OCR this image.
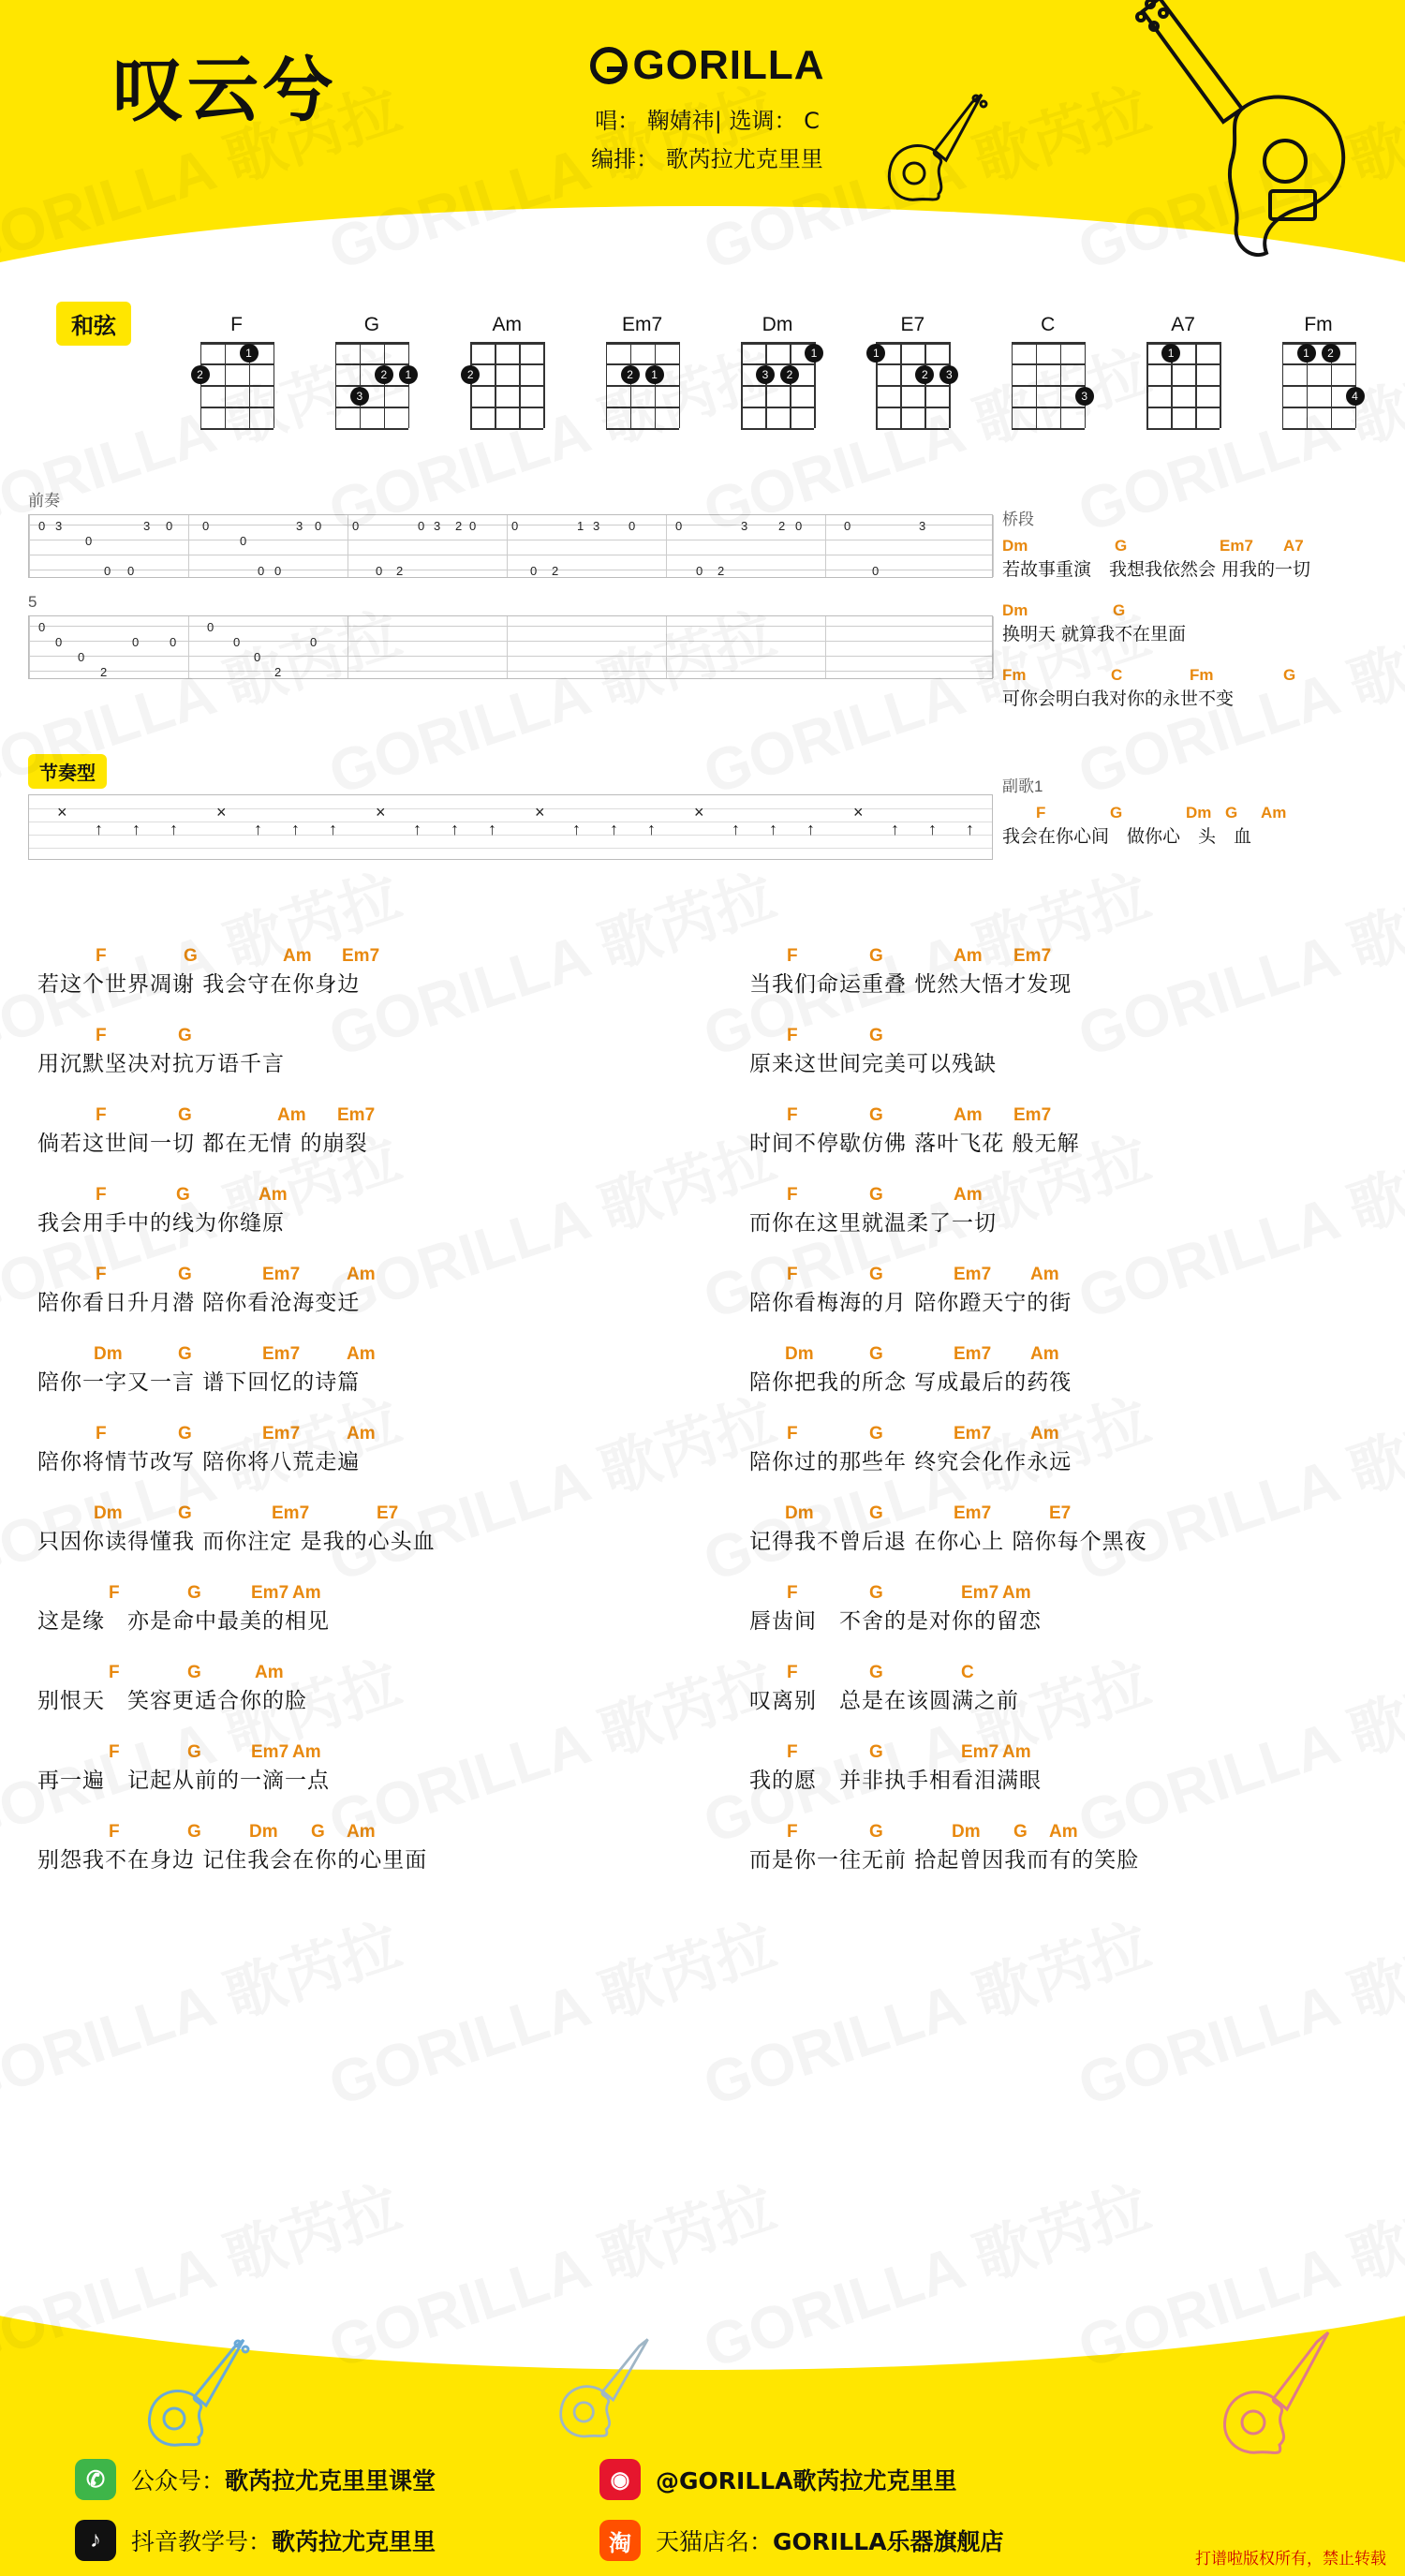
叹云兮	GORILLA
唱： 鞠婧祎| 选调： C
编排： 歌芮拉尤克里里
和弦	F
1
2
G
1
2
3
Am
2
Em7
1
2
Dm
1
2
3
E7
1
2	3
C
3
A7
1
Fm
1	2
4
前奏
0 3
0
0 0
3 0 0
0
0 0
3 0	0
0 2
0 3 2 0	0
0 2
1 3 0	0
0 2
3	2 0	0
0
3
5
0
0
0
2
0	0
0
0
0
2
0
节奏型
×
↑ ↑ ↑
×
↑ ↑ ↑
×
↑ ↑ ↑
×
↑ ↑ ↑
×
↑ ↑ ↑
×
↑ ↑ ↑
桥段
Dm	G	Em7 A7
若故事重演　我想我依然会 用我的一切
Dm	G
换明天 就算我不在里面
Fm	C	Fm	G
可你会明白我对你的永世不变
副歌1
F	G	Dm G Am
我会在你心间　做你心　头　血
F	G	Am Em7
若这个世界凋谢 我会守在你身边
F	G
用沉默坚决对抗万语千言
F	G	Am Em7
倘若这世间一切 都在无情 的崩裂
F	G	Am
我会用手中的线为你缝原
F	G	Em7	Am
陪你看日升月潜 陪你看沧海变迁
Dm	G	Em7	Am
陪你一字又一言 谱下回忆的诗篇
F	G	Em7	Am
陪你将情节改写 陪你将八荒走遍
Dm	G	Em7	E7
只因你读得懂我 而你注定 是我的心头血
F	G	Em7 Am
这是缘　亦是命中最美的相见
F	G	Am
别恨天　笑容更适合你的脸
F	G	Em7 Am
再一遍　记起从前的一滴一点
F	G	Dm G Am
别怨我不在身边 记住我会在你的心里面
F	G	Am Em7
当我们命运重叠 恍然大悟才发现
F	G
原来这世间完美可以残缺
F	G	Am Em7
时间不停歇仿佛 落叶飞花 般无解
F	G	Am
而你在这里就温柔了一切
F	G	Em7 Am
陪你看梅海的月 陪你蹬天宁的街
Dm	G	Em7 Am
陪你把我的所念 写成最后的药筏
F	G	Em7 Am
陪你过的那些年 终究会化作永远
Dm	G	Em7	E7
记得我不曾后退 在你心上 陪你每个黑夜
F	G	Em7 Am
唇齿间　不舍的是对你的留恋
F	G	C
叹离别　总是在该圆满之前
F	G	Em7 Am
我的愿　并非执手相看泪满眼
F	G	Dm G Am
而是你一往无前 拾起曾因我而有的笑脸
✆	公众号：歌芮拉尤克里里课堂	◉	@GORILLA歌芮拉尤克里里
♪	抖音教学号：歌芮拉尤克里里	淘	天猫店名：GORILLA乐器旗舰店
打谱啦版权所有，禁止转载
